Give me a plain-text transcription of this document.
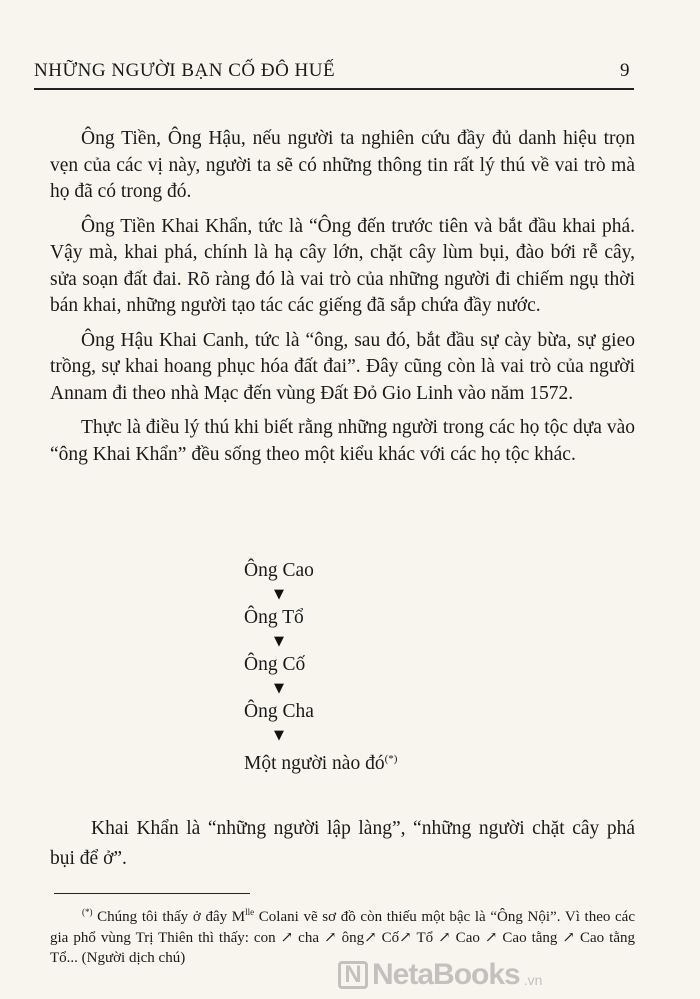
NHỮNG NGƯỜI BẠN CỐ ĐÔ HUẾ	9

Ông Tiền, Ông Hậu, nếu người ta nghiên cứu đầy đủ danh hiệu trọn vẹn của các vị này, người ta sẽ có những thông tin rất lý thú về vai trò mà họ đã có trong đó.

Ông Tiền Khai Khẩn, tức là “Ông đến trước tiên và bắt đầu khai phá. Vậy mà, khai phá, chính là hạ cây lớn, chặt cây lùm bụi, đào bới rễ cây, sửa soạn đất đai. Rõ ràng đó là vai trò của những người đi chiếm ngụ thời bán khai, những người tạo tác các giếng đã sắp chứa đầy nước.

Ông Hậu Khai Canh, tức là “ông, sau đó, bắt đầu sự cày bừa, sự gieo trồng, sự khai hoang phục hóa đất đai”. Đây cũng còn là vai trò của người Annam đi theo nhà Mạc đến vùng Đất Đỏ Gio Linh vào năm 1572.

Thực là điều lý thú khi biết rằng những người trong các họ tộc dựa vào “ông Khai Khẩn” đều sống theo một kiểu khác với các họ tộc khác.

Ông Cao
▼
Ông Tổ
▼
Ông Cố
▼
Ông Cha
▼
Một người nào đó(*)

Khai Khẩn là “những người lập làng”, “những người chặt cây phá bụi để ở”.

(*) Chúng tôi thấy ở đây $M^{lle}$ Colani vẽ sơ đồ còn thiếu một bậc là “Ông Nội”. Vì theo các gia phổ vùng Trị Thiên thì thấy: con ↗ cha ↗ ông↗ Cố↗ Tổ ↗ Cao ↗ Cao tằng ↗ Cao tằng Tổ... (Người dịch chú)

N NetaBooks .vn
